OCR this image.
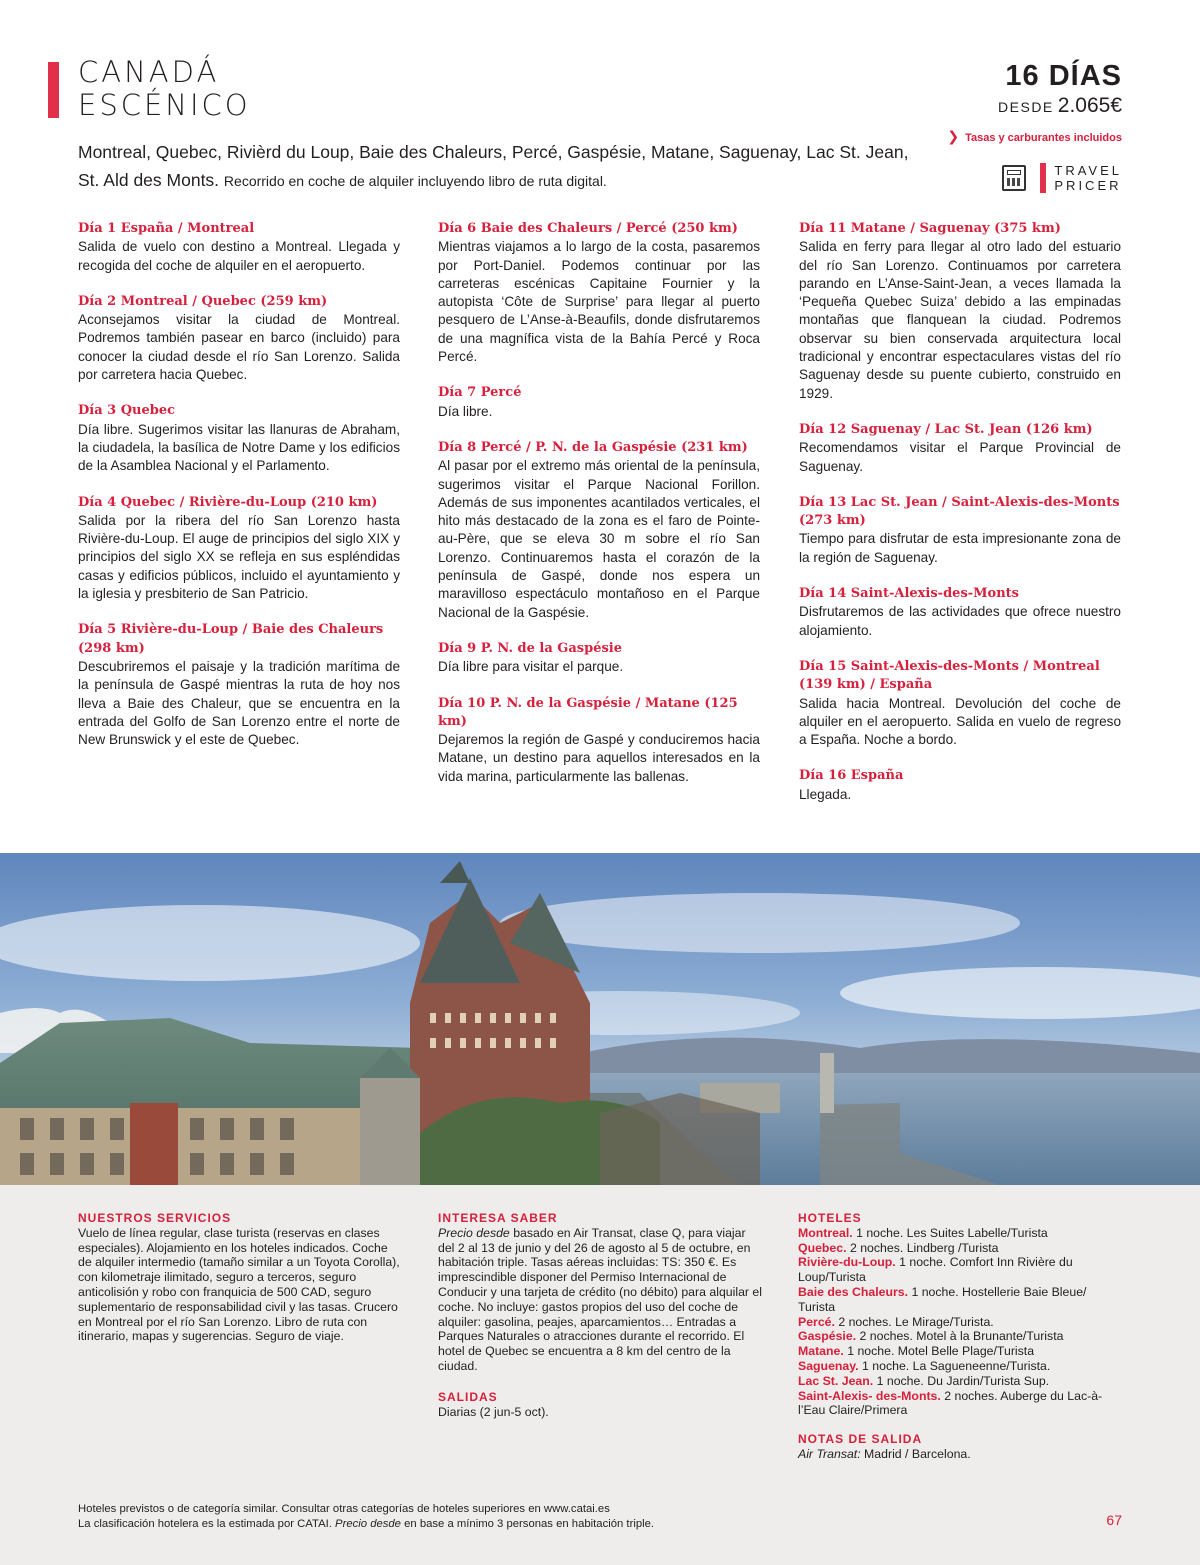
CANADÁ
ESCÉNICO
16 DÍAS
DESDE 2.065€
❯ Tasas y carburantes incluidos
Montreal, Quebec, Rivièrd du Loup, Baie des Chaleurs, Percé, Gaspésie, Matane, Saguenay, Lac St. Jean, St. Ald des Monts. Recorrido en coche de alquiler incluyendo libro de ruta digital.
TRAVEL
PRICER
Día 1 España / Montreal

Salida de vuelo con destino a Montreal. Llegada y recogida del coche de alquiler en el aeropuerto.

Día 2 Montreal / Quebec (259 km)

Aconsejamos visitar la ciudad de Montreal. Podremos también pasear en barco (incluido) para conocer la ciudad desde el río San Lorenzo. Salida por carretera hacia Quebec.

Día 3 Quebec

Día libre. Sugerimos visitar las llanuras de Abraham, la ciudadela, la basílica de Notre Dame y los edificios de la Asamblea Nacional y el Parlamento.

Día 4 Quebec / Rivière-du-Loup (210 km)

Salida por la ribera del río San Lorenzo hasta Rivière-du-Loup. El auge de principios del siglo XIX y principios del siglo XX se refleja en sus espléndidas casas y edificios públicos, incluido el ayuntamiento y la iglesia y presbiterio de San Patricio.

Día 5 Rivière-du-Loup / Baie des Chaleurs (298 km)

Descubriremos el paisaje y la tradición marítima de la península de Gaspé mientras la ruta de hoy nos lleva a Baie des Chaleur, que se encuentra en la entrada del Golfo de San Lorenzo entre el norte de New Brunswick y el este de Quebec.

Día 6 Baie des Chaleurs / Percé (250 km)

Mientras viajamos a lo largo de la costa, pasaremos por Port-Daniel. Podemos continuar por las carreteras escénicas Capitaine Fournier y la autopista ‘Côte de Surprise’ para llegar al puerto pesquero de L’Anse-à-Beaufils, donde disfrutaremos de una magnífica vista de la Bahía Percé y Roca Percé.

Día 7 Percé

Día libre.

Día 8 Percé / P. N. de la Gaspésie (231 km)

Al pasar por el extremo más oriental de la península, sugerimos visitar el Parque Nacional Forillon. Además de sus imponentes acantilados verticales, el hito más destacado de la zona es el faro de Pointe-au-Père, que se eleva 30 m sobre el río San Lorenzo. Continuaremos hasta el corazón de la península de Gaspé, donde nos espera un maravilloso espectáculo montañoso en el Parque Nacional de la Gaspésie.

Día 9 P. N. de la Gaspésie

Día libre para visitar el parque.

Día 10 P. N. de la Gaspésie / Matane (125 km)

Dejaremos la región de Gaspé y conduciremos hacia Matane, un destino para aquellos interesados en la vida marina, particularmente las ballenas.

Día 11 Matane / Saguenay (375 km)

Salida en ferry para llegar al otro lado del estuario del río San Lorenzo. Continuamos por carretera parando en L’Anse-Saint-Jean, a veces llamada la ‘Pequeña Quebec Suiza’ debido a las empinadas montañas que flanquean la ciudad. Podremos observar su bien conservada arquitectura local tradicional y encontrar espectaculares vistas del río Saguenay desde su puente cubierto, construido en 1929.

Día 12 Saguenay / Lac St. Jean (126 km)

Recomendamos visitar el Parque Provincial de Saguenay.

Día 13 Lac St. Jean / Saint-Alexis-des-Monts (273 km)

Tiempo para disfrutar de esta impresionante zona de la región de Saguenay.

Día 14 Saint-Alexis-des-Monts

Disfrutaremos de las actividades que ofrece nuestro alojamiento.

Día 15 Saint-Alexis-des-Monts / Montreal (139 km) / España

Salida hacia Montreal. Devolución del coche de alquiler en el aeropuerto. Salida en vuelo de regreso a España. Noche a bordo.

Día 16 España

Llegada.

NUESTROS SERVICIOS

Vuelo de línea regular, clase turista (reservas en clases especiales). Alojamiento en los hoteles indicados. Coche de alquiler intermedio (tamaño similar a un Toyota Corolla), con kilometraje ilimitado, seguro a terceros, seguro anticolisión y robo con franquicia de 500 CAD, seguro suplementario de responsabilidad civil y las tasas. Crucero en Montreal por el río San Lorenzo. Libro de ruta con itinerario, mapas y sugerencias. Seguro de viaje.

INTERESA SABER

Precio desde basado en Air Transat, clase Q, para viajar del 2 al 13 de junio y del 26 de agosto al 5 de octubre, en habitación triple. Tasas aéreas incluidas: TS: 350 €. Es imprescindible disponer del Permiso Internacional de Conducir y una tarjeta de crédito (no débito) para alquilar el coche. No incluye: gastos propios del uso del coche de alquiler: gasolina, peajes, aparcamientos… Entradas a Parques Naturales o atracciones durante el recorrido. El hotel de Quebec se encuentra a 8 km del centro de la ciudad.

SALIDAS

Diarias (2 jun-5 oct).

HOTELES

Montreal. 1 noche. Les Suites Labelle/Turista

Quebec. 2 noches. Lindberg /Turista

Rivière-du-Loup. 1 noche. Comfort Inn Rivière du Loup/Turista

Baie des Chaleurs. 1 noche. Hostellerie Baie Bleue/ Turista

Percé. 2 noches. Le Mirage/Turista.

Gaspésie. 2 noches. Motel à la Brunante/Turista

Matane. 1 noche. Motel Belle Plage/Turista

Saguenay. 1 noche. La Sagueneenne/Turista.

Lac St. Jean. 1 noche. Du Jardin/Turista Sup.

Saint-Alexis- des-Monts. 2 noches. Auberge du Lac-à-l’Eau Claire/Primera

NOTAS DE SALIDA

Air Transat: Madrid / Barcelona.

Hoteles previstos o de categoría similar. Consultar otras categorías de hoteles superiores en www.catai.es
La clasificación hotelera es la estimada por CATAI. Precio desde en base a mínimo 3 personas en habitación triple.	67
